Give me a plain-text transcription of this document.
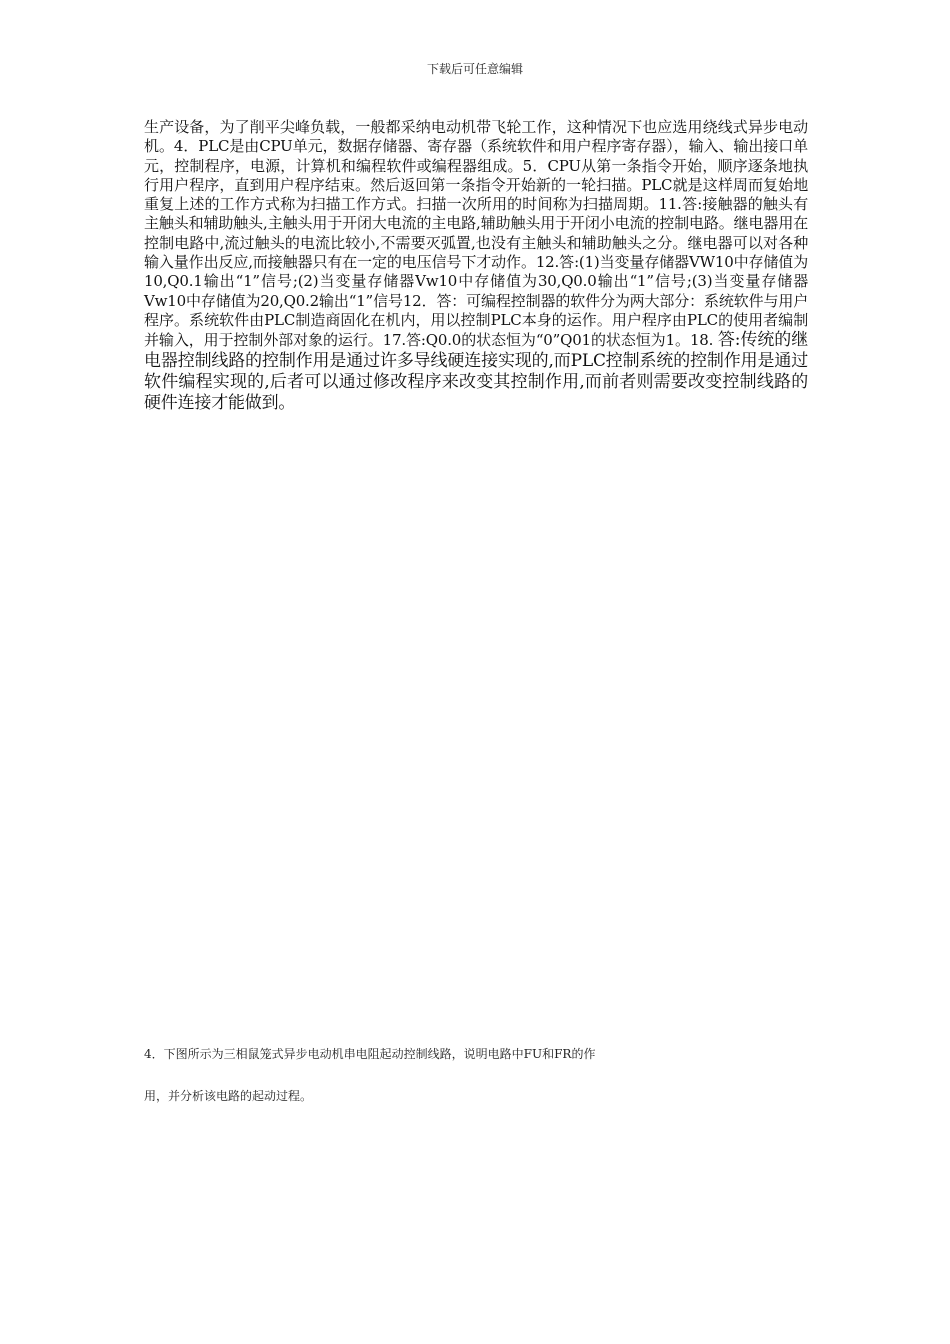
下载后可任意编辑

生产设备，为了削平尖峰负载，一般都采纳电动机带飞轮工作，这种情况下也应选用绕线式异步电动机。4．PLC是由CPU单元，数据存储器、寄存器（系统软件和用户程序寄存器），输入、输出接口单元，控制程序，电源，计算机和编程软件或编程器组成。5．CPU从第一条指令开始，顺序逐条地执行用户程序，直到用户程序结束。然后返回第一条指令开始新的一轮扫描。PLC就是这样周而复始地重复上述的工作方式称为扫描工作方式。扫描一次所用的时间称为扫描周期。11.答:接触器的触头有主触头和辅助触头,主触头用于开闭大电流的主电路,辅助触头用于开闭小电流的控制电路。继电器用在控制电路中,流过触头的电流比较小,不需要灭弧置,也没有主触头和辅助触头之分。继电器可以对各种输入量作出反应,而接触器只有在一定的电压信号下才动作。12.答:(1)当变量存储器VW10中存储值为10,Q0.1输出“1”信号;(2)当变量存储器Vw10中存储值为30,Q0.0输出“1”信号;(3)当变量存储器Vw10中存储值为20,Q0.2输出“1”信号12．答：可编程控制器的软件分为两大部分：系统软件与用户程序。系统软件由PLC制造商固化在机内，用以控制PLC本身的运作。用户程序由PLC的使用者编制并输入，用于控制外部对象的运行。17.答:Q0.0的状态恒为“0”Q01的状态恒为1。18. 答:传统的继电器控制线路的控制作用是通过许多导线硬连接实现的,而PLC控制系统的控制作用是通过软件编程实现的,后者可以通过修改程序来改变其控制作用,而前者则需要改变控制线路的硬件连接才能做到。

4．下图所示为三相鼠笼式异步电动机串电阻起动控制线路，说明电路中FU和FR的作

用，并分析该电路的起动过程。
